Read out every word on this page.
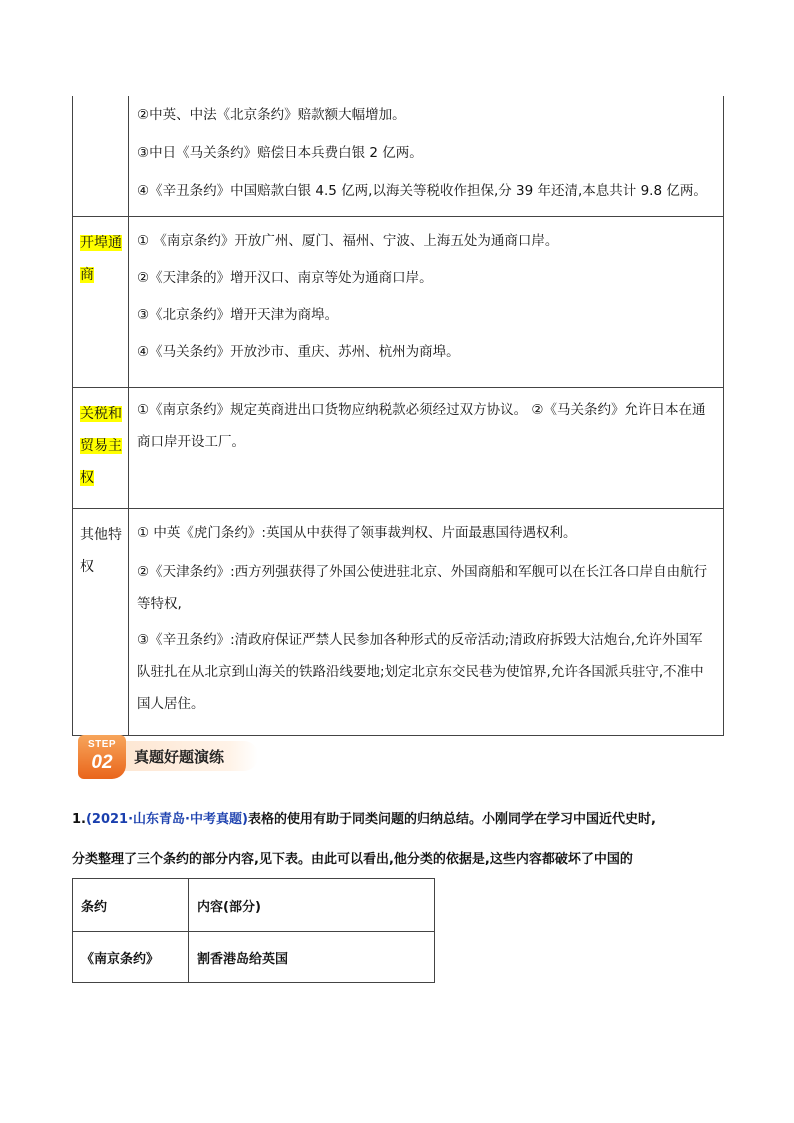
	②中英、中法《北京条约》赔款额大幅增加。

③中日《马关条约》赔偿日本兵费白银 2 亿两。

④《辛丑条约》中国赔款白银 4.5 亿两,以海关等税收作担保,分 39 年还清,本息共计 9.8 亿两。

开埠通商	① 《南京条约》开放广州、厦门、福州、宁波、上海五处为通商口岸。

②《天津条的》增开汉口、南京等处为通商口岸。

③《北京条约》增开天津为商埠。

④《马关条约》开放沙市、重庆、苏州、杭州为商埠。

关税和贸易主权	①《南京条约》规定英商进出口货物应纳税款必须经过双方协议。 ②《马关条约》允许日本在通商口岸开设工厂。

其他特权	① 中英《虎门条约》:英国从中获得了领事裁判权、片面最惠国待遇权利。

②《天津条约》:西方列强获得了外国公使进驻北京、外国商船和军舰可以在长江各口岸自由航行等特权,

③《辛丑条约》:清政府保证严禁人民参加各种形式的反帝活动;清政府拆毁大沽炮台,允许外国军队驻扎在从北京到山海关的铁路沿线要地;划定北京东交民巷为使馆界,允许各国派兵驻守,不准中国人居住。

STEP
02	真题好题演练
1.(2021·山东青岛·中考真题)表格的使用有助于同类问题的归纳总结。小刚同学在学习中国近代史时,
分类整理了三个条约的部分内容,见下表。由此可以看出,他分类的依据是,这些内容都破坏了中国的
条约	内容(部分)
《南京条约》	割香港岛给英国
